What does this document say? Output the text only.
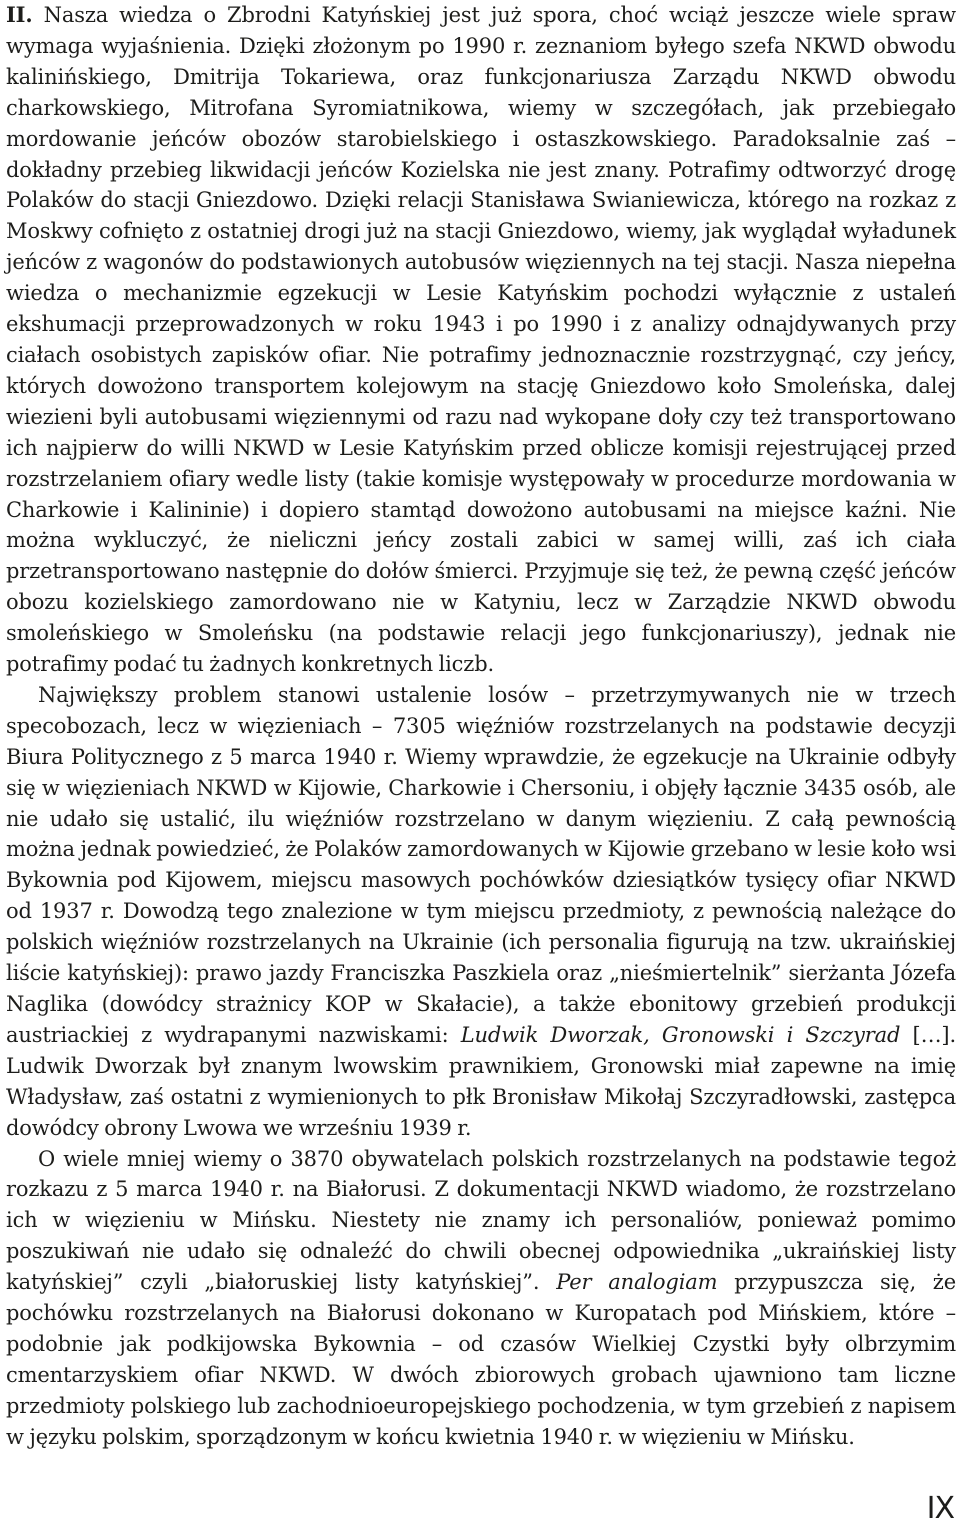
II. Nasza wiedza o Zbrodni Katyńskiej jest już spora, choć wciąż jeszcze wiele spraw wymaga wyjaśnienia. Dzięki złożonym po 1990 r. zeznaniom byłego szefa NKWD obwodu kalinińskiego, Dmitrija Tokariewa, oraz funkcjonariusza Zarządu NKWD obwodu charkowskiego, Mitrofana Syromiatnikowa, wiemy w szczegółach, jak przebiegało mordowanie jeńców obozów starobielskiego i ostaszkowskiego. Paradoksalnie zaś – dokładny przebieg likwidacji jeńców Kozielska nie jest znany. Potrafimy odtworzyć drogę Polaków do stacji Gniezdowo. Dzięki relacji Stanisława Swianiewicza, którego na rozkaz z Moskwy cofnięto z ostatniej drogi już na stacji Gniezdowo, wiemy, jak wyglądał wyładunek jeńców z wagonów do podstawionych autobusów więziennych na tej stacji. Nasza niepełna wiedza o mechanizmie egzekucji w Lesie Katyńskim pochodzi wyłącznie z ustaleń ekshumacji przeprowadzonych w roku 1943 i po 1990 i z analizy odnajdywanych przy ciałach osobistych zapisków ofiar. Nie potrafimy jednoznacznie rozstrzygnąć, czy jeńcy, których dowożono transportem kolejowym na stację Gniezdowo koło Smoleńska, dalej wiezieni byli autobusami więziennymi od razu nad wykopane doły czy też transportowano ich najpierw do willi NKWD w Lesie Katyńskim przed oblicze komisji rejestrującej przed rozstrzelaniem ofiary wedle listy (takie komisje występowały w procedurze mordowania w Charkowie i Kalininie) i dopiero stamtąd dowożono autobusami na miejsce kaźni. Nie można wykluczyć, że nieliczni jeńcy zostali zabici w samej willi, zaś ich ciała przetransportowano następnie do dołów śmierci. Przyjmuje się też, że pewną część jeńców obozu kozielskiego zamordowano nie w Katyniu, lecz w Zarządzie NKWD obwodu smoleńskiego w Smoleńsku (na podstawie relacji jego funkcjonariuszy), jednak nie potrafimy podać tu żadnych konkretnych liczb.

Największy problem stanowi ustalenie losów – przetrzymywanych nie w trzech specobozach, lecz w więzieniach – 7305 więźniów rozstrzelanych na podstawie decyzji Biura Politycznego z 5 marca 1940 r. Wiemy wprawdzie, że egzekucje na Ukrainie odbyły się w więzieniach NKWD w Kijowie, Charkowie i Chersoniu, i objęły łącznie 3435 osób, ale nie udało się ustalić, ilu więźniów rozstrzelano w danym więzieniu. Z całą pewnością można jednak powiedzieć, że Polaków zamordowanych w Kijowie grzebano w lesie koło wsi Bykownia pod Kijowem, miejscu masowych pochówków dziesiątków tysięcy ofiar NKWD od 1937 r. Dowodzą tego znalezione w tym miejscu przedmioty, z pewnością należące do polskich więźniów rozstrzelanych na Ukrainie (ich personalia figurują na tzw. ukraińskiej liście katyńskiej): prawo jazdy Franciszka Paszkiela oraz „nieśmiertelnik” sierżanta Józefa Naglika (dowódcy strażnicy KOP w Skałacie), a także ebonitowy grzebień produkcji austriackiej z wydrapanymi nazwiskami: Ludwik Dworzak, Gronowski i Szczyrad […]. Ludwik Dworzak był znanym lwowskim prawnikiem, Gronowski miał zapewne na imię Władysław, zaś ostatni z wymienionych to płk Bronisław Mikołaj Szczyradłowski, zastępca dowódcy obrony Lwowa we wrześniu 1939 r.

O wiele mniej wiemy o 3870 obywatelach polskich rozstrzelanych na podstawie tegoż rozkazu z 5 marca 1940 r. na Białorusi. Z dokumentacji NKWD wiadomo, że rozstrzelano ich w więzieniu w Mińsku. Niestety nie znamy ich personaliów, ponieważ pomimo poszukiwań nie udało się odnaleźć do chwili obecnej odpowiednika „ukraińskiej listy katyńskiej” czyli „białoruskiej listy katyńskiej”. Per analogiam przypuszcza się, że pochówku rozstrzelanych na Białorusi dokonano w Kuropatach pod Mińskiem, które – podobnie jak podkijowska Bykownia – od czasów Wielkiej Czystki były olbrzymim cmentarzyskiem ofiar NKWD. W dwóch zbiorowych grobach ujawniono tam liczne przedmioty polskiego lub zachodnioeuropejskiego pochodzenia, w tym grzebień z napisem w języku polskim, sporządzonym w końcu kwietnia 1940 r. w więzieniu w Mińsku.

IX
